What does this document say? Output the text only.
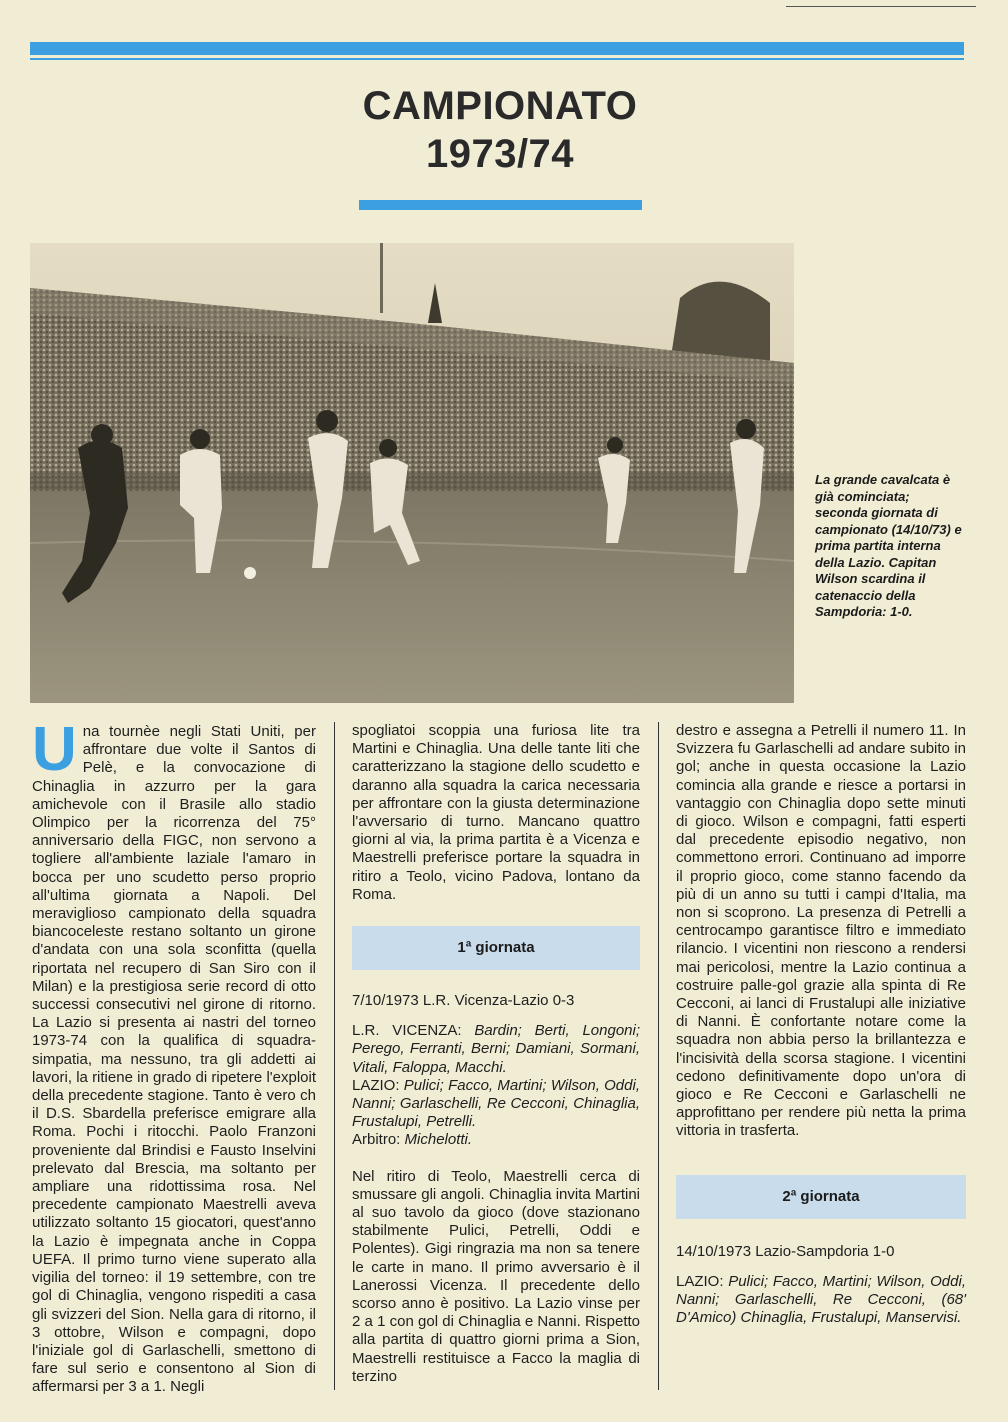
CAMPIONATO
1973/74
La grande cavalcata è già cominciata; seconda giornata di campionato (14/10/73) e prima partita interna della Lazio. Capitan Wilson scardina il catenaccio della Sampdoria: 1-0.

Una tournèe negli Stati Uniti, per affrontare due volte il Santos di Pelè, e la convocazione di Chinaglia in azzurro per la gara amichevole con il Brasile allo stadio Olimpico per la ricorrenza del 75° anniversario della FIGC, non servono a togliere all'ambiente laziale l'amaro in bocca per uno scudetto perso proprio all'ultima giornata a Napoli. Del meraviglioso campionato della squadra biancoceleste restano soltanto un girone d'andata con una sola sconfitta (quella riportata nel recupero di San Siro con il Milan) e la prestigiosa serie record di otto successi consecutivi nel girone di ritorno. La Lazio si presenta ai nastri del torneo 1973-74 con la qualifica di squadra-simpatia, ma nessuno, tra gli addetti ai lavori, la ritiene in grado di ripetere l'exploit della precedente stagione. Tanto è vero ch il D.S. Sbardella preferisce emigrare alla Roma. Pochi i ritocchi. Paolo Franzoni proveniente dal Brindisi e Fausto Inselvini prelevato dal Brescia, ma soltanto per ampliare una ridottissima rosa. Nel precedente campionato Maestrelli aveva utilizzato soltanto 15 giocatori, quest'anno la Lazio è impegnata anche in Coppa UEFA. Il primo turno viene superato alla vigilia del torneo: il 19 settembre, con tre gol di Chinaglia, vengono rispediti a casa gli svizzeri del Sion. Nella gara di ritorno, il 3 ottobre, Wilson e compagni, dopo l'iniziale gol di Garlaschelli, smettono di fare sul serio e consentono al Sion di affermarsi per 3 a 1. Negli

spogliatoi scoppia una furiosa lite tra Martini e Chinaglia. Una delle tante liti che caratterizzano la stagione dello scudetto e daranno alla squadra la carica necessaria per affrontare con la giusta determinazione l'avversario di turno. Mancano quattro giorni al via, la prima partita è a Vicenza e Maestrelli preferisce portare la squadra in ritiro a Teolo, vicino Padova, lontano da Roma.

1ª giornata

7/10/1973 L.R. Vicenza-Lazio 0-3

L.R. VICENZA: Bardin; Berti, Longoni; Perego, Ferranti, Berni; Damiani, Sormani, Vitali, Faloppa, Macchi.

LAZIO: Pulici; Facco, Martini; Wilson, Oddi, Nanni; Garlaschelli, Re Cecconi, Chinaglia, Frustalupi, Petrelli.

Arbitro: Michelotti.

Nel ritiro di Teolo, Maestrelli cerca di smussare gli angoli. Chinaglia invita Martini al suo tavolo da gioco (dove stazionano stabilmente Pulici, Petrelli, Oddi e Polentes). Gigi ringrazia ma non sa tenere le carte in mano. Il primo avversario è il Lanerossi Vicenza. Il precedente dello scorso anno è positivo. La Lazio vinse per 2 a 1 con gol di Chinaglia e Nanni. Rispetto alla partita di quattro giorni prima a Sion, Maestrelli restituisce a Facco la maglia di terzino

destro e assegna a Petrelli il numero 11. In Svizzera fu Garlaschelli ad andare subito in gol; anche in questa occasione la Lazio comincia alla grande e riesce a portarsi in vantaggio con Chinaglia dopo sette minuti di gioco. Wilson e compagni, fatti esperti dal precedente episodio negativo, non commettono errori. Continuano ad imporre il proprio gioco, come stanno facendo da più di un anno su tutti i campi d'Italia, ma non si scoprono. La presenza di Petrelli a centrocampo garantisce filtro e immediato rilancio. I vicentini non riescono a rendersi mai pericolosi, mentre la Lazio continua a costruire palle-gol grazie alla spinta di Re Cecconi, ai lanci di Frustalupi alle iniziative di Nanni. È confortante notare come la squadra non abbia perso la brillantezza e l'incisività della scorsa stagione. I vicentini cedono definitivamente dopo un'ora di gioco e Re Cecconi e Garlaschelli ne approfittano per rendere più netta la prima vittoria in trasferta.

2ª giornata

14/10/1973 Lazio-Sampdoria 1-0

LAZIO: Pulici; Facco, Martini; Wilson, Oddi, Nanni; Garlaschelli, Re Cecconi, (68' D'Amico) Chinaglia, Frustalupi, Manservisi.
